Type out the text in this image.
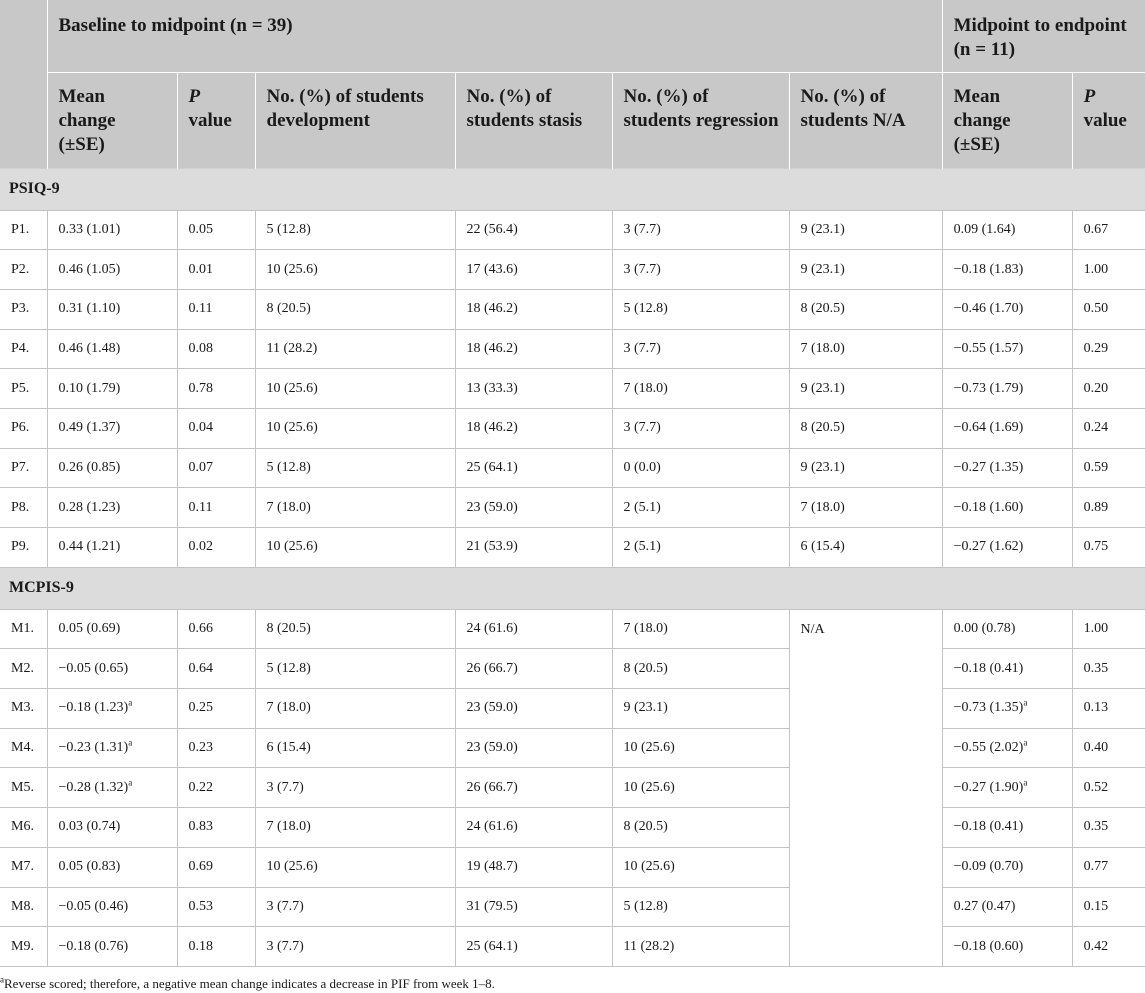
	Baseline to midpoint (n = 39)						Midpoint to endpoint (n = 11)	
	Mean change (±SE)	P value	No. (%) of students development	No. (%) of students stasis	No. (%) of students regression	No. (%) of students N/A	Mean change (±SE)	P value
PSIQ-9								
P1.	0.33 (1.01)	0.05	5 (12.8)	22 (56.4)	3 (7.7)	9 (23.1)	0.09 (1.64)	0.67
P2.	0.46 (1.05)	0.01	10 (25.6)	17 (43.6)	3 (7.7)	9 (23.1)	−0.18 (1.83)	1.00
P3.	0.31 (1.10)	0.11	8 (20.5)	18 (46.2)	5 (12.8)	8 (20.5)	−0.46 (1.70)	0.50
P4.	0.46 (1.48)	0.08	11 (28.2)	18 (46.2)	3 (7.7)	7 (18.0)	−0.55 (1.57)	0.29
P5.	0.10 (1.79)	0.78	10 (25.6)	13 (33.3)	7 (18.0)	9 (23.1)	−0.73 (1.79)	0.20
P6.	0.49 (1.37)	0.04	10 (25.6)	18 (46.2)	3 (7.7)	8 (20.5)	−0.64 (1.69)	0.24
P7.	0.26 (0.85)	0.07	5 (12.8)	25 (64.1)	0 (0.0)	9 (23.1)	−0.27 (1.35)	0.59
P8.	0.28 (1.23)	0.11	7 (18.0)	23 (59.0)	2 (5.1)	7 (18.0)	−0.18 (1.60)	0.89
P9.	0.44 (1.21)	0.02	10 (25.6)	21 (53.9)	2 (5.1)	6 (15.4)	−0.27 (1.62)	0.75
MCPIS-9								
M1.	0.05 (0.69)	0.66	8 (20.5)	24 (61.6)	7 (18.0)	N/A	0.00 (0.78)	1.00
M2.	−0.05 (0.65)	0.64	5 (12.8)	26 (66.7)	8 (20.5)		−0.18 (0.41)	0.35
M3.	−0.18 $(1.23)^a$	0.25	7 (18.0)	23 (59.0)	9 (23.1)		−0.73 $(1.35)^a$	0.13
M4.	−0.23 $(1.31)^a$	0.23	6 (15.4)	23 (59.0)	10 (25.6)		−0.55 $(2.02)^a$	0.40
M5.	−0.28 $(1.32)^a$	0.22	3 (7.7)	26 (66.7)	10 (25.6)		−0.27 $(1.90)^a$	0.52
M6.	0.03 (0.74)	0.83	7 (18.0)	24 (61.6)	8 (20.5)		−0.18 (0.41)	0.35
M7.	0.05 (0.83)	0.69	10 (25.6)	19 (48.7)	10 (25.6)		−0.09 (0.70)	0.77
M8.	−0.05 (0.46)	0.53	3 (7.7)	31 (79.5)	5 (12.8)		0.27 (0.47)	0.15
M9.	−0.18 (0.76)	0.18	3 (7.7)	25 (64.1)	11 (28.2)		−0.18 (0.60)	0.42
$^a$Reverse scored; therefore, a negative mean change indicates a decrease in PIF from week 1–8.
